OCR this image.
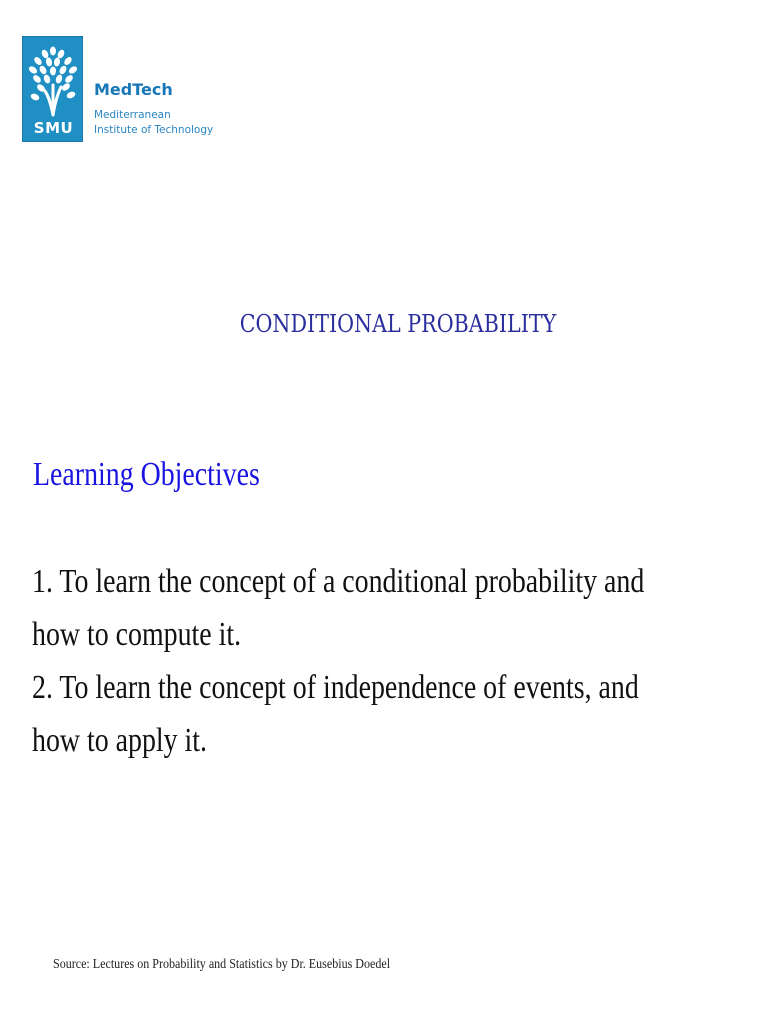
SMU
MedTech
Mediterranean
Institute of Technology
CONDITIONAL PROBABILITY
Learning Objectives

1. To learn the concept of a conditional probability and how to compute it.

2. To learn the concept of independence of events, and how to apply it.

Source: Lectures on Probability and Statistics by Dr. Eusebius Doedel
